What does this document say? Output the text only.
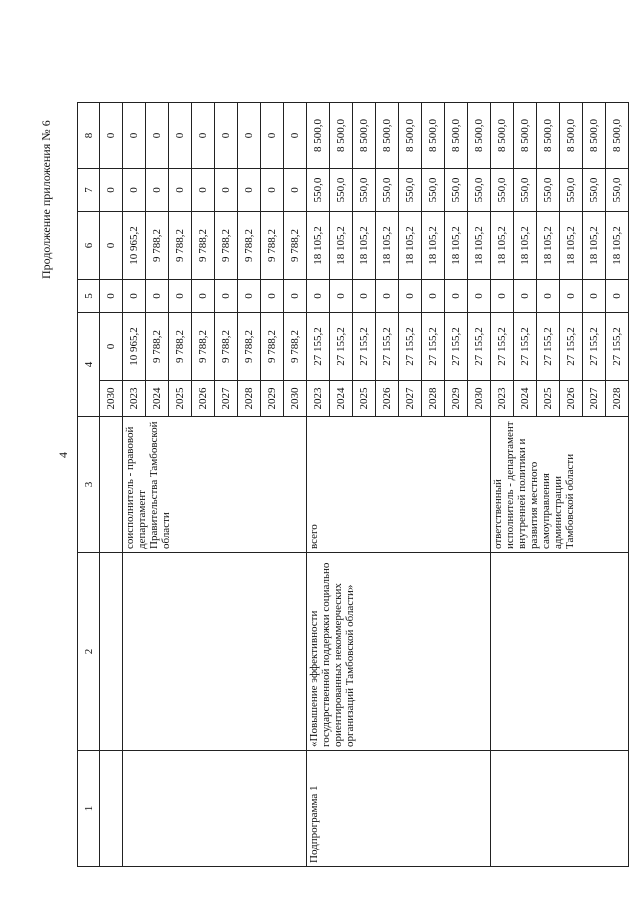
4
Продолжение приложения № 6
1	2	3	4		5	6	7	8
			2030	0	0	0	0	0
		соисполнитель - правовой департамент Правительства Тамбовской области	2023	10 965,2	0	10 965,2	0	0
			2024	9 788,2	0	9 788,2	0	0
			2025	9 788,2	0	9 788,2	0	0
			2026	9 788,2	0	9 788,2	0	0
			2027	9 788,2	0	9 788,2	0	0
			2028	9 788,2	0	9 788,2	0	0
			2029	9 788,2	0	9 788,2	0	0
			2030	9 788,2	0	9 788,2	0	0
Подпрограмма 1	«Повышение эффективности государственной поддержки социально ориентированных некоммерческих организаций Тамбовской области»	всего	2023	27 155,2	0	18 105,2	550,0	8 500,0
			2024	27 155,2	0	18 105,2	550,0	8 500,0
			2025	27 155,2	0	18 105,2	550,0	8 500,0
			2026	27 155,2	0	18 105,2	550,0	8 500,0
			2027	27 155,2	0	18 105,2	550,0	8 500,0
			2028	27 155,2	0	18 105,2	550,0	8 500,0
			2029	27 155,2	0	18 105,2	550,0	8 500,0
			2030	27 155,2	0	18 105,2	550,0	8 500,0
		ответственный исполнитель - департамент внутренней политики и развития местного самоуправления администрации Тамбовской области	2023	27 155,2	0	18 105,2	550,0	8 500,0
			2024	27 155,2	0	18 105,2	550,0	8 500,0
			2025	27 155,2	0	18 105,2	550,0	8 500,0
			2026	27 155,2	0	18 105,2	550,0	8 500,0
			2027	27 155,2	0	18 105,2	550,0	8 500,0
			2028	27 155,2	0	18 105,2	550,0	8 500,0
